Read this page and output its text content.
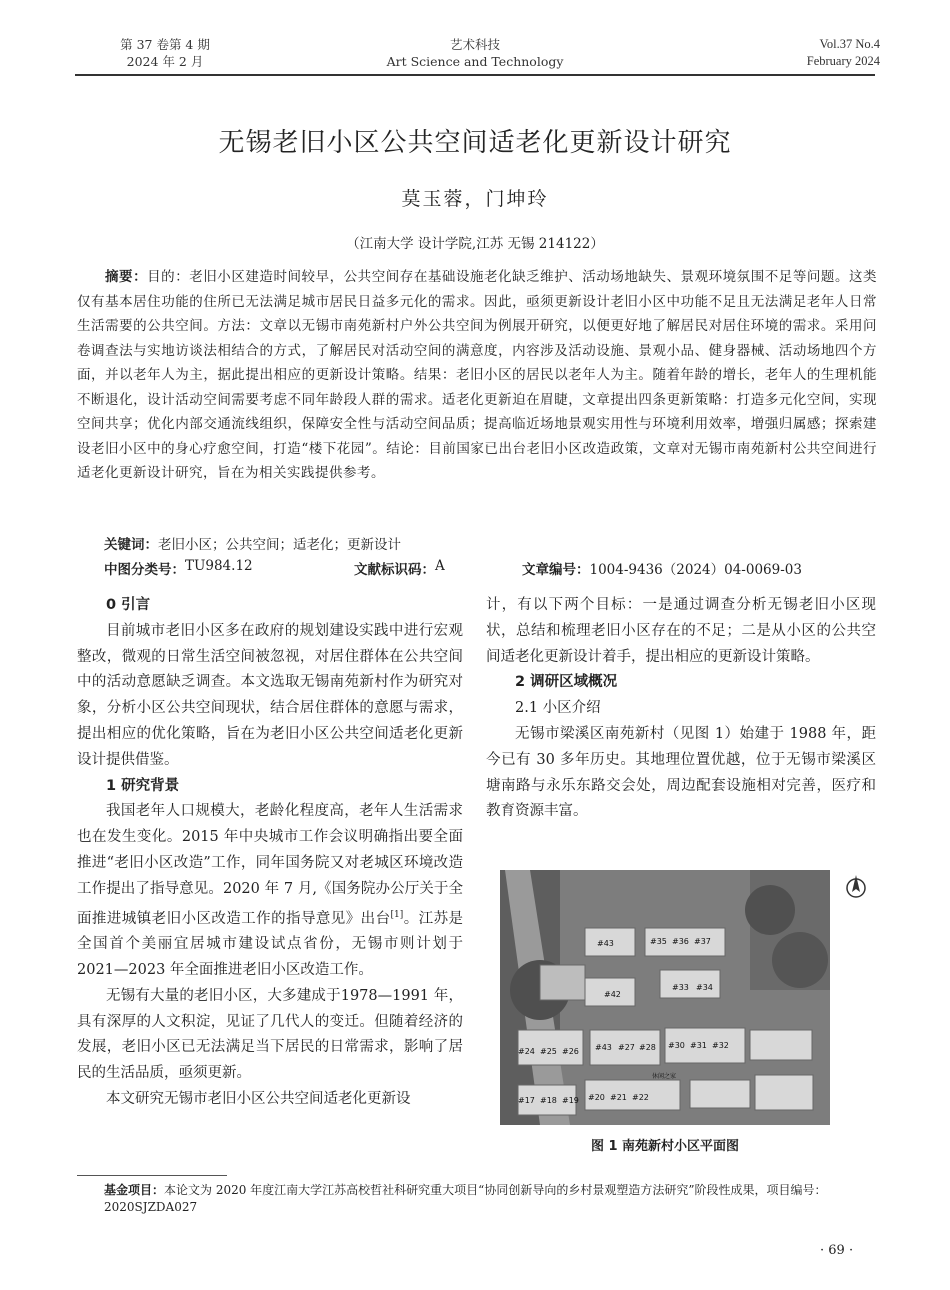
第 37 卷第 4 期
2024 年 2 月
艺术科技
Art Science and Technology
Vol.37 No.4
February 2024
无锡老旧小区公共空间适老化更新设计研究
莫玉蓉，门坤玲
（江南大学 设计学院,江苏 无锡 214122）
摘要：目的：老旧小区建造时间较早，公共空间存在基础设施老化缺乏维护、活动场地缺失、景观环境氛围不足等问题。这类仅有基本居住功能的住所已无法满足城市居民日益多元化的需求。因此，亟须更新设计老旧小区中功能不足且无法满足老年人日常生活需要的公共空间。方法：文章以无锡市南苑新村户外公共空间为例展开研究，以便更好地了解居民对居住环境的需求。采用问卷调查法与实地访谈法相结合的方式，了解居民对活动空间的满意度，内容涉及活动设施、景观小品、健身器械、活动场地四个方面，并以老年人为主，据此提出相应的更新设计策略。结果：老旧小区的居民以老年人为主。随着年龄的增长，老年人的生理机能不断退化，设计活动空间需要考虑不同年龄段人群的需求。适老化更新迫在眉睫，文章提出四条更新策略：打造多元化空间，实现空间共享；优化内部交通流线组织，保障安全性与活动空间品质；提高临近场地景观实用性与环境利用效率，增强归属感；探索建设老旧小区中的身心疗愈空间，打造“楼下花园”。结论：目前国家已出台老旧小区改造政策，文章对无锡市南苑新村公共空间进行适老化更新设计研究，旨在为相关实践提供参考。
关键词：老旧小区；公共空间；适老化；更新设计
中图分类号： TU984.12	文献标识码： A	文章编号： 1004-9436（2024）04-0069-03
0 引言

目前城市老旧小区多在政府的规划建设实践中进行宏观整改，微观的日常生活空间被忽视，对居住群体在公共空间中的活动意愿缺乏调查。本文选取无锡南苑新村作为研究对象，分析小区公共空间现状，结合居住群体的意愿与需求，提出相应的优化策略，旨在为老旧小区公共空间适老化更新设计提供借鉴。

1 研究背景

我国老年人口规模大，老龄化程度高，老年人生活需求也在发生变化。2015 年中央城市工作会议明确指出要全面推进“老旧小区改造”工作，同年国务院又对老城区环境改造工作提出了指导意见。2020 年 7 月,《国务院办公厅关于全面推进城镇老旧小区改造工作的指导意见》出台[1]。江苏是全国首个美丽宜居城市建设试点省份，无锡市则计划于 2021—2023 年全面推进老旧小区改造工作。

无锡有大量的老旧小区，大多建成于1978—1991 年，具有深厚的人文积淀，见证了几代人的变迁。但随着经济的发展，老旧小区已无法满足当下居民的日常需求，影响了居民的生活品质，亟须更新。

本文研究无锡市老旧小区公共空间适老化更新设

计，有以下两个目标：一是通过调查分析无锡老旧小区现状，总结和梳理老旧小区存在的不足；二是从小区的公共空间适老化更新设计着手，提出相应的更新设计策略。

2 调研区域概况
2.1 小区介绍

无锡市梁溪区南苑新村（见图 1）始建于 1988 年，距今已有 30 多年历史。其地理位置优越，位于无锡市梁溪区塘南路与永乐东路交会处，周边配套设施相对完善，医疗和教育资源丰富。

#43	#35 #36 #37
#42
#33 #34
#24 #25 #26 #43 #27 #28 #30 #31 #32
#17 #18 #19 #20 #21 #22
休闲之家
图 1 南苑新村小区平面图
基金项目：本论文为 2020 年度江南大学江苏高校哲社科研究重大项目“协同创新导向的乡村景观塑造方法研究”阶段性成果，项目编号：2020SJZDA027
· 69 ·
